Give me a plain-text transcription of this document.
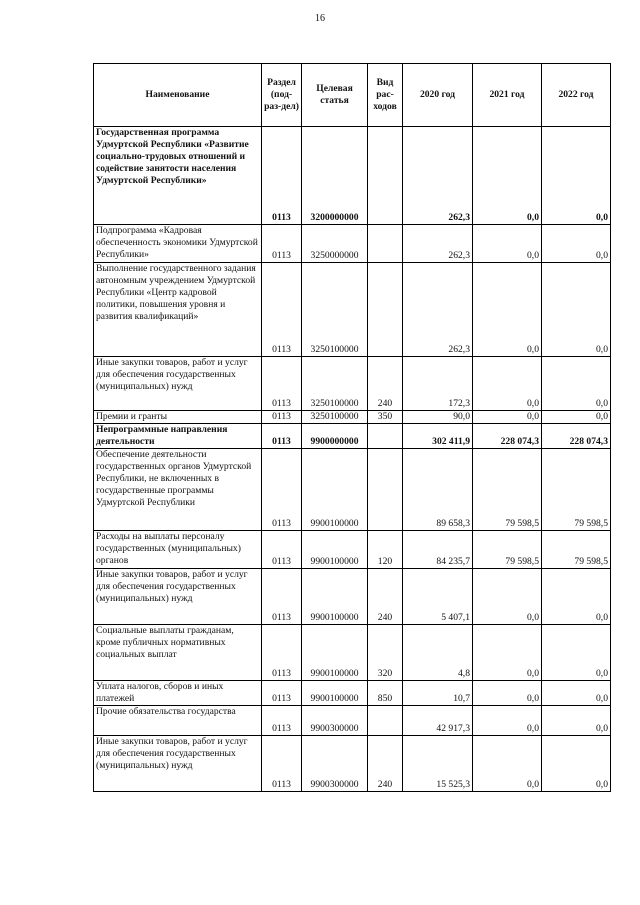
16
Наименование	Раздел (под-раз-дел)	Целевая статья	Вид рас-ходов	2020 год	2021 год	2022 год
Государственная программа Удмуртской Республики «Развитие социально-трудовых отношений и содействие занятости населения Удмуртской Республики»	0113	3200000000		262,3	0,0	0,0
Подпрограмма «Кадровая обеспеченность экономики Удмуртской Республики»	0113	3250000000		262,3	0,0	0,0
Выполнение государственного задания автономным учреждением Удмуртской Республики «Центр кадровой политики, повышения уровня и развития квалификаций»	0113	3250100000		262,3	0,0	0,0
Иные закупки товаров, работ и услуг для обеспечения государственных (муниципальных) нужд	0113	3250100000	240	172,3	0,0	0,0
Премии и гранты	0113	3250100000	350	90,0	0,0	0,0
Непрограммные направления деятельности	0113	9900000000		302 411,9	228 074,3	228 074,3
Обеспечение деятельности государственных органов Удмуртской Республики, не включенных в государственные программы Удмуртской Республики	0113	9900100000		89 658,3	79 598,5	79 598,5
Расходы на выплаты персоналу государственных (муниципальных) органов	0113	9900100000	120	84 235,7	79 598,5	79 598,5
Иные закупки товаров, работ и услуг для обеспечения государственных (муниципальных) нужд	0113	9900100000	240	5 407,1	0,0	0,0
Социальные выплаты гражданам, кроме публичных нормативных социальных выплат	0113	9900100000	320	4,8	0,0	0,0
Уплата налогов, сборов и иных платежей	0113	9900100000	850	10,7	0,0	0,0
Прочие обязательства государства	0113	9900300000		42 917,3	0,0	0,0
Иные закупки товаров, работ и услуг для обеспечения государственных (муниципальных) нужд	0113	9900300000	240	15 525,3	0,0	0,0
